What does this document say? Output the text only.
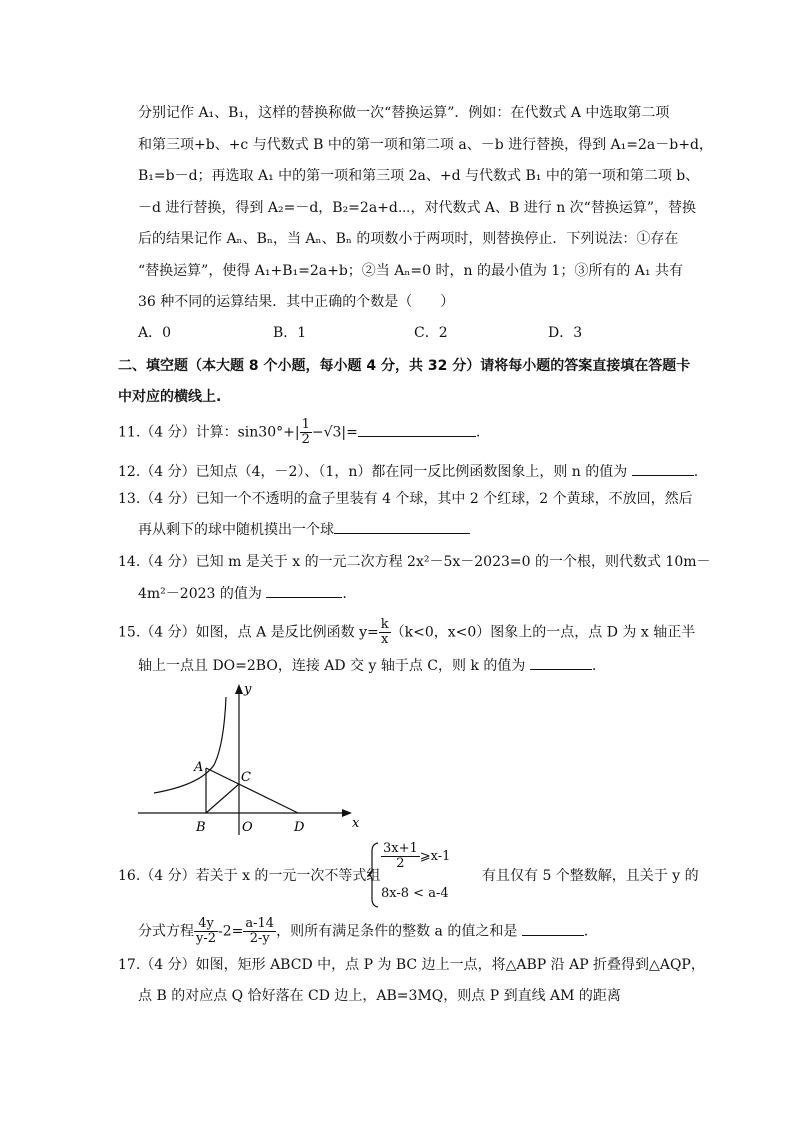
分别记作 A₁、B₁，这样的替换称做一次“替换运算”．例如：在代数式 A 中选取第二项
和第三项+b、+c 与代数式 B 中的第一项和第二项 a、－b 进行替换，得到 A₁=2a－b+d，
B₁=b－d；再选取 A₁ 中的第一项和第三项 2a、+d 与代数式 B₁ 中的第一项和第二项 b、
－d 进行替换，得到 A₂=－d，B₂=2a+d⋯，对代数式 A、B 进行 n 次“替换运算”，替换
后的结果记作 Aₙ、Bₙ，当 Aₙ、Bₙ 的项数小于两项时，则替换停止．下列说法：①存在
“替换运算”，使得 A₁+B₁=2a+b；②当 Aₙ=0 时，n 的最小值为 1；③所有的 A₁ 共有
36 种不同的运算结果．其中正确的个数是（　　）
A．0	B．1	C．2	D．3
二、填空题（本大题 8 个小题，每小题 4 分，共 32 分）请将每小题的答案直接填在答题卡
中对应的横线上.
11.（4 分）计算：$\sin 30^\circ+| \frac{1}{2} -√3|=$	.
12.（4 分）已知点（4，－2）、（1，n）都在同一反比例函数图象上，则 n 的值为	.
13.（4 分）已知一个不透明的盒子里装有 4 个球，其中 2 个红球，2 个黄球，不放回，然后
再从剩下的球中随机摸出一个球
14.（4 分）已知 m 是关于 x 的一元二次方程 2x²－5x－2023=0 的一个根，则代数式 10m－
4m²－2023 的值为	.
15.（4 分）如图，点 A 是反比例函数 $y= \frac{k}{x} (k<0$，x<0）图象上的一点，点 D 为 x 轴正半
轴上一点且 DO=2BO，连接 AD 交 y 轴于点 C，则 k 的值为	.
y
x
A
C
B	O	D
16.（4 分）若关于 x 的一元一次不等式组
$\frac{3x+1}{2}$ ⩾x-1
8x-8 < a-4
有且仅有 5 个整数解，且关于 y 的
分式方程 $\frac{4y}{y-2} -2= \frac{a-14}{2-y}$ ，则所有满足条件的整数 a 的值之和是	.
17.（4 分）如图，矩形 ABCD 中，点 P 为 BC 边上一点，将△ABP 沿 AP 折叠得到△AQP，
点 B 的对应点 Q 恰好落在 CD 边上，AB=3MQ，则点 P 到直线 AM 的距离
